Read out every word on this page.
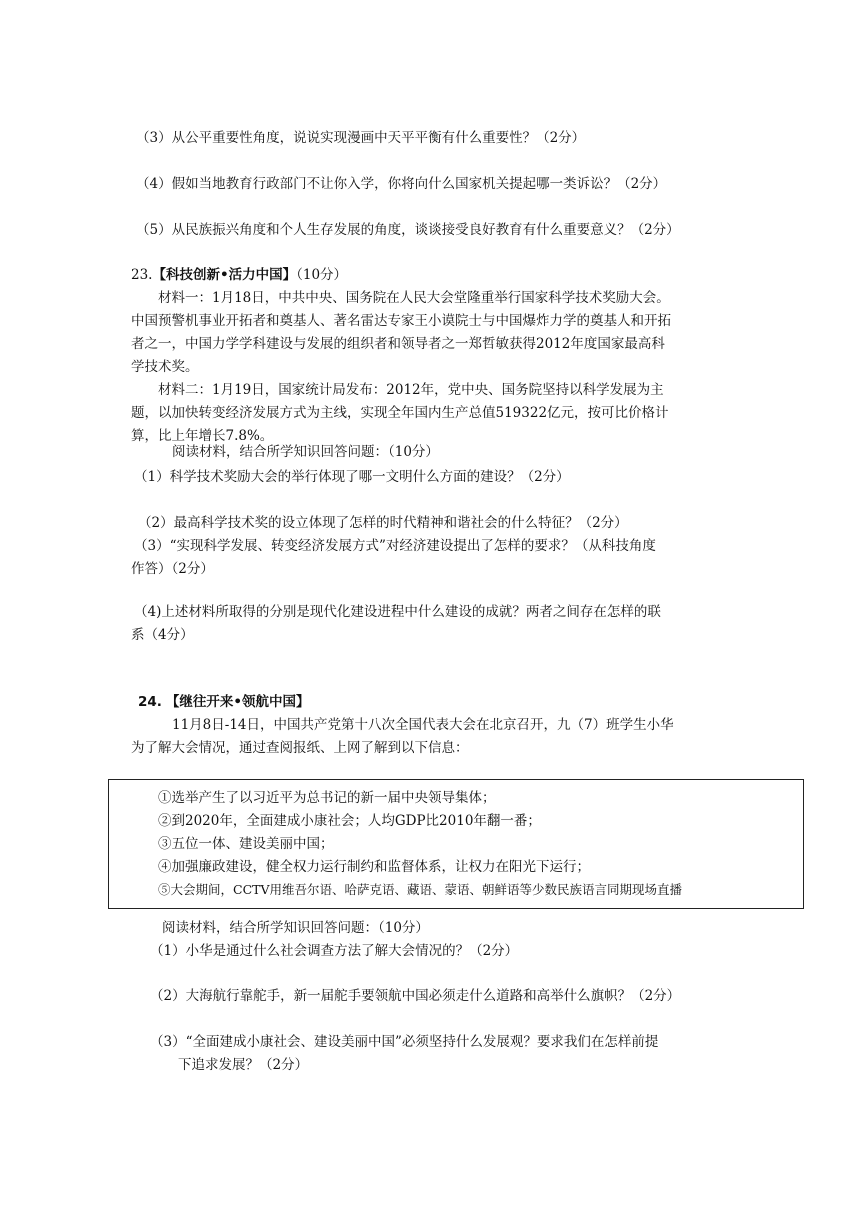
（3）从公平重要性角度，说说实现漫画中天平平衡有什么重要性？（2分）
（4）假如当地教育行政部门不让你入学，你将向什么国家机关提起哪一类诉讼？（2分）
（5）从民族振兴角度和个人生存发展的角度，谈谈接受良好教育有什么重要意义？（2分）
23.【科技创新•活力中国】（10分）
材料一：1月18日，中共中央、国务院在人民大会堂隆重举行国家科学技术奖励大会。
中国预警机事业开拓者和奠基人、著名雷达专家王小谟院士与中国爆炸力学的奠基人和开拓
者之一，中国力学学科建设与发展的组织者和领导者之一郑哲敏获得2012年度国家最高科
学技术奖。
材料二：1月19日，国家统计局发布：2012年，党中央、国务院坚持以科学发展为主
题，以加快转变经济发展方式为主线，实现全年国内生产总值519322亿元，按可比价格计
算，比上年增长7.8%。
阅读材料，结合所学知识回答问题：（10分）
（1）科学技术奖励大会的举行体现了哪一文明什么方面的建设？（2分）
（2）最高科学技术奖的设立体现了怎样的时代精神和谐社会的什么特征？（2分）
（3）“实现科学发展、转变经济发展方式”对经济建设提出了怎样的要求？（从科技角度
作答）（2分）
（4)上述材料所取得的分别是现代化建设进程中什么建设的成就？两者之间存在怎样的联
系（4分）
24. 【继往开来•领航中国】
11月8日-14日，中国共产党第十八次全国代表大会在北京召开，九（7）班学生小华
为了解大会情况，通过查阅报纸、上网了解到以下信息：
①选举产生了以习近平为总书记的新一届中央领导集体；
②到2020年，全面建成小康社会；人均GDP比2010年翻一番；
③五位一体、建设美丽中国；
④加强廉政建设，健全权力运行制约和监督体系，让权力在阳光下运行；
⑤大会期间，CCTV用维吾尔语、哈萨克语、藏语、蒙语、朝鲜语等少数民族语言同期现场直播
阅读材料，结合所学知识回答问题：（10分）
（1）小华是通过什么社会调查方法了解大会情况的？（2分）
（2）大海航行靠舵手，新一届舵手要领航中国必须走什么道路和高举什么旗帜？（2分）
（3）“全面建成小康社会、建设美丽中国”必须坚持什么发展观？要求我们在怎样前提
下追求发展？（2分）
